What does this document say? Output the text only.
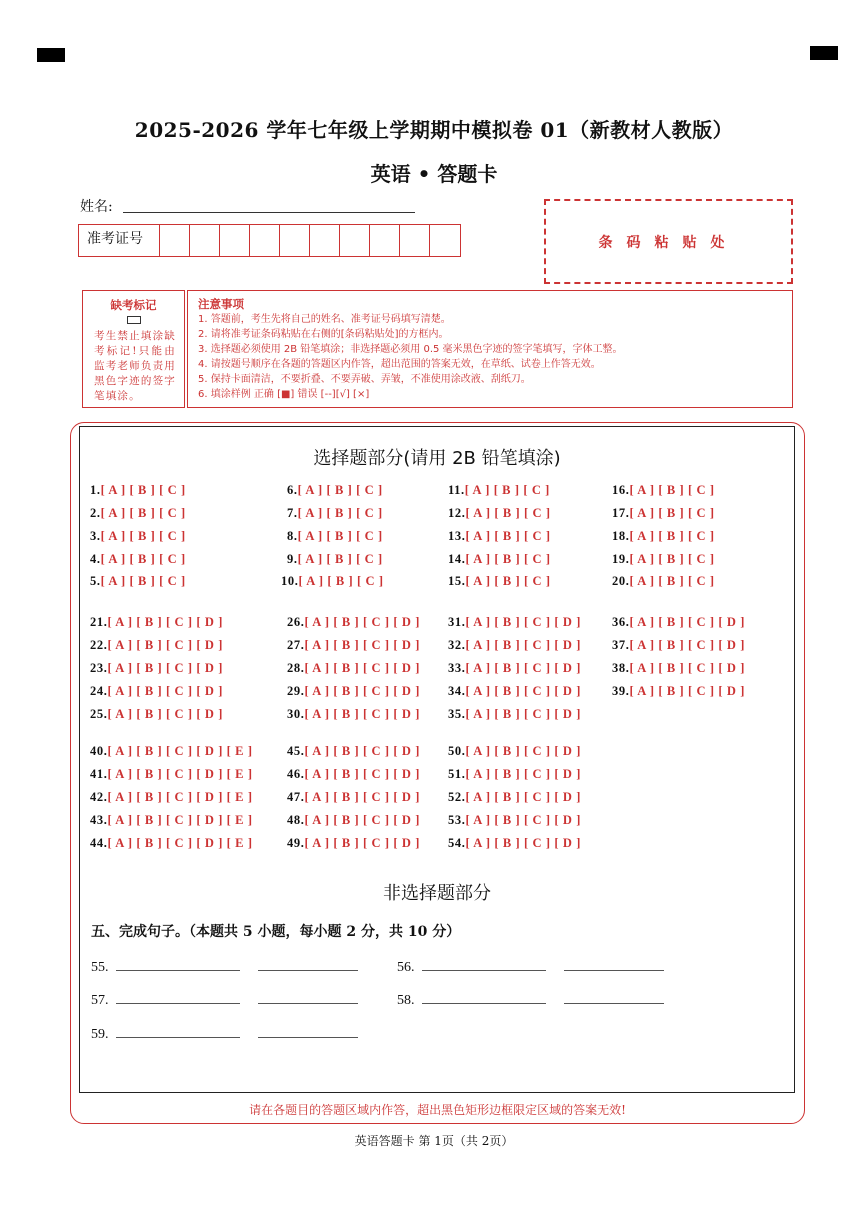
2025-2026 学年七年级上学期期中模拟卷 01（新教材人教版）
英语 • 答题卡
姓名:
准考证号	条码粘贴处
缺考标记
考生禁止填涂缺考标记!只能由监考老师负责用黑色字迹的签字笔填涂。
注意事项
1. 答题前，考生先将自己的姓名、准考证号码填写清楚。
2. 请将准考证条码粘贴在右侧的[条码粘贴处]的方框内。
3. 选择题必须使用 2B 铅笔填涂；非选择题必须用 0.5 毫米黑色字迹的签字笔填写，字体工整。
4. 请按题号顺序在各题的答题区内作答，超出范围的答案无效，在草纸、试卷上作答无效。
5. 保持卡面清洁，不要折叠、不要弄破、弄皱，不准使用涂改液、刮纸刀。
6. 填涂样例 正确 [■] 错误 [--][√] [×]
选择题部分(请用 2B 铅笔填涂)
1.[ A ] [ B ] [ C ]
2.[ A ] [ B ] [ C ]
3.[ A ] [ B ] [ C ]
4.[ A ] [ B ] [ C ]
5.[ A ] [ B ] [ C ]
6.[ A ] [ B ] [ C ]
7.[ A ] [ B ] [ C ]
8.[ A ] [ B ] [ C ]
9.[ A ] [ B ] [ C ]
10.[ A ] [ B ] [ C ]
11.[ A ] [ B ] [ C ]
12.[ A ] [ B ] [ C ]
13.[ A ] [ B ] [ C ]
14.[ A ] [ B ] [ C ]
15.[ A ] [ B ] [ C ]
16.[ A ] [ B ] [ C ]
17.[ A ] [ B ] [ C ]
18.[ A ] [ B ] [ C ]
19.[ A ] [ B ] [ C ]
20.[ A ] [ B ] [ C ]
21.[ A ] [ B ] [ C ] [ D ]
22.[ A ] [ B ] [ C ] [ D ]
23.[ A ] [ B ] [ C ] [ D ]
24.[ A ] [ B ] [ C ] [ D ]
25.[ A ] [ B ] [ C ] [ D ]
26.[ A ] [ B ] [ C ] [ D ]
27.[ A ] [ B ] [ C ] [ D ]
28.[ A ] [ B ] [ C ] [ D ]
29.[ A ] [ B ] [ C ] [ D ]
30.[ A ] [ B ] [ C ] [ D ]
31.[ A ] [ B ] [ C ] [ D ]
32.[ A ] [ B ] [ C ] [ D ]
33.[ A ] [ B ] [ C ] [ D ]
34.[ A ] [ B ] [ C ] [ D ]
35.[ A ] [ B ] [ C ] [ D ]
36.[ A ] [ B ] [ C ] [ D ]
37.[ A ] [ B ] [ C ] [ D ]
38.[ A ] [ B ] [ C ] [ D ]
39.[ A ] [ B ] [ C ] [ D ]
40.[ A ] [ B ] [ C ] [ D ] [ E ]
41.[ A ] [ B ] [ C ] [ D ] [ E ]
42.[ A ] [ B ] [ C ] [ D ] [ E ]
43.[ A ] [ B ] [ C ] [ D ] [ E ]
44.[ A ] [ B ] [ C ] [ D ] [ E ]
45.[ A ] [ B ] [ C ] [ D ]
46.[ A ] [ B ] [ C ] [ D ]
47.[ A ] [ B ] [ C ] [ D ]
48.[ A ] [ B ] [ C ] [ D ]
49.[ A ] [ B ] [ C ] [ D ]
50.[ A ] [ B ] [ C ] [ D ]
51.[ A ] [ B ] [ C ] [ D ]
52.[ A ] [ B ] [ C ] [ D ]
53.[ A ] [ B ] [ C ] [ D ]
54.[ A ] [ B ] [ C ] [ D ]
非选择题部分
五、完成句子。（本题共 5 小题，每小题 2 分，共 10 分）
55.	56.
57.	58.
59.
请在各题目的答题区域内作答，超出黑色矩形边框限定区域的答案无效!
英语答题卡 第 1页（共 2页）
